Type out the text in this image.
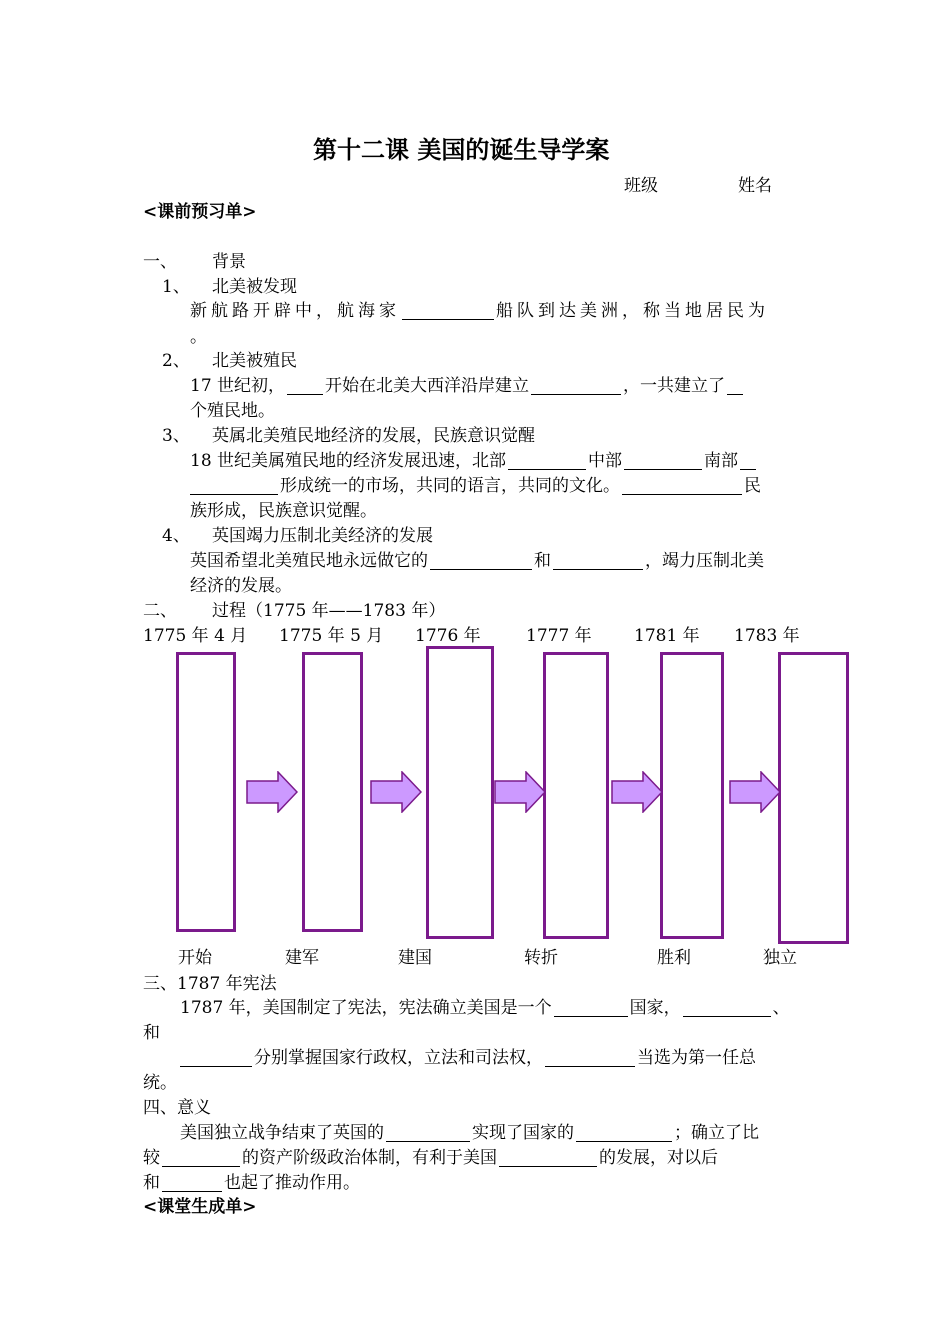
第十二课 美国的诞生导学案
班级	姓名
<课前预习单>
一、 背景
1、 北美被发现
新航路开辟中，航海家	船队到达美洲，称当地居民为
。
2、 北美被殖民
17 世纪初， 开始在北美大西洋沿岸建立	，一共建立了
个殖民地。
3、 英属北美殖民地经济的发展，民族意识觉醒
18 世纪美属殖民地的经济发展迅速，北部	中部	南部
形成统一的市场，共同的语言，共同的文化。	民
族形成，民族意识觉醒。
4、 英国竭力压制北美经济的发展
英国希望北美殖民地永远做它的	和	，竭力压制北美
经济的发展。
二、 过程（1775 年——1783 年）
1775 年 4 月 1775 年 5 月 1776 年	1777 年 1781 年 1783 年
开始	建军	建国	转折	胜利	独立
三、1787 年宪法
1787 年，美国制定了宪法，宪法确立美国是一个	国家，	、
和
分别掌握国家行政权，立法和司法权，	当选为第一任总
统。
四、意义
美国独立战争结束了英国的	实现了国家的	；确立了比
较	的资产阶级政治体制，有利于美国	的发展，对以后
和	也起了推动作用。
<课堂生成单>
